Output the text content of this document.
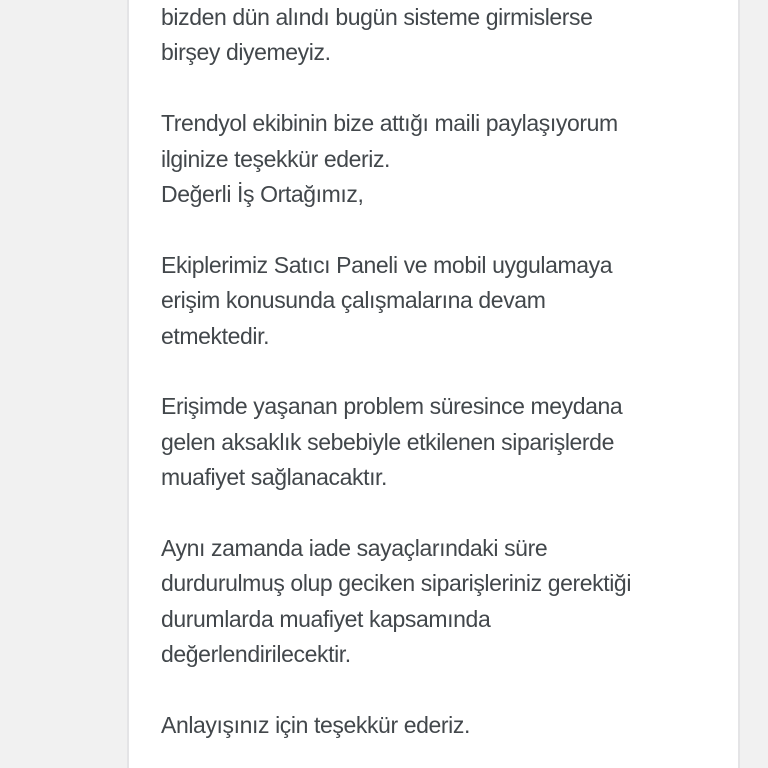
bizden dün alındı bugün sisteme girmislerse
birşey diyemeyiz.
Trendyol ekibinin bize attığı maili paylaşıyorum
ilginize teşekkür ederiz.
Değerli İş Ortağımız,
Ekiplerimiz Satıcı Paneli ve mobil uygulamaya
erişim konusunda çalışmalarına devam
etmektedir.
Erişimde yaşanan problem süresince meydana
gelen aksaklık sebebiyle etkilenen siparişlerde
muafiyet sağlanacaktır.
Aynı zamanda iade sayaçlarındaki süre
durdurulmuş olup geciken siparişleriniz gerektiği
durumlarda muafiyet kapsamında
değerlendirilecektir.
Anlayışınız için teşekkür ederiz.
